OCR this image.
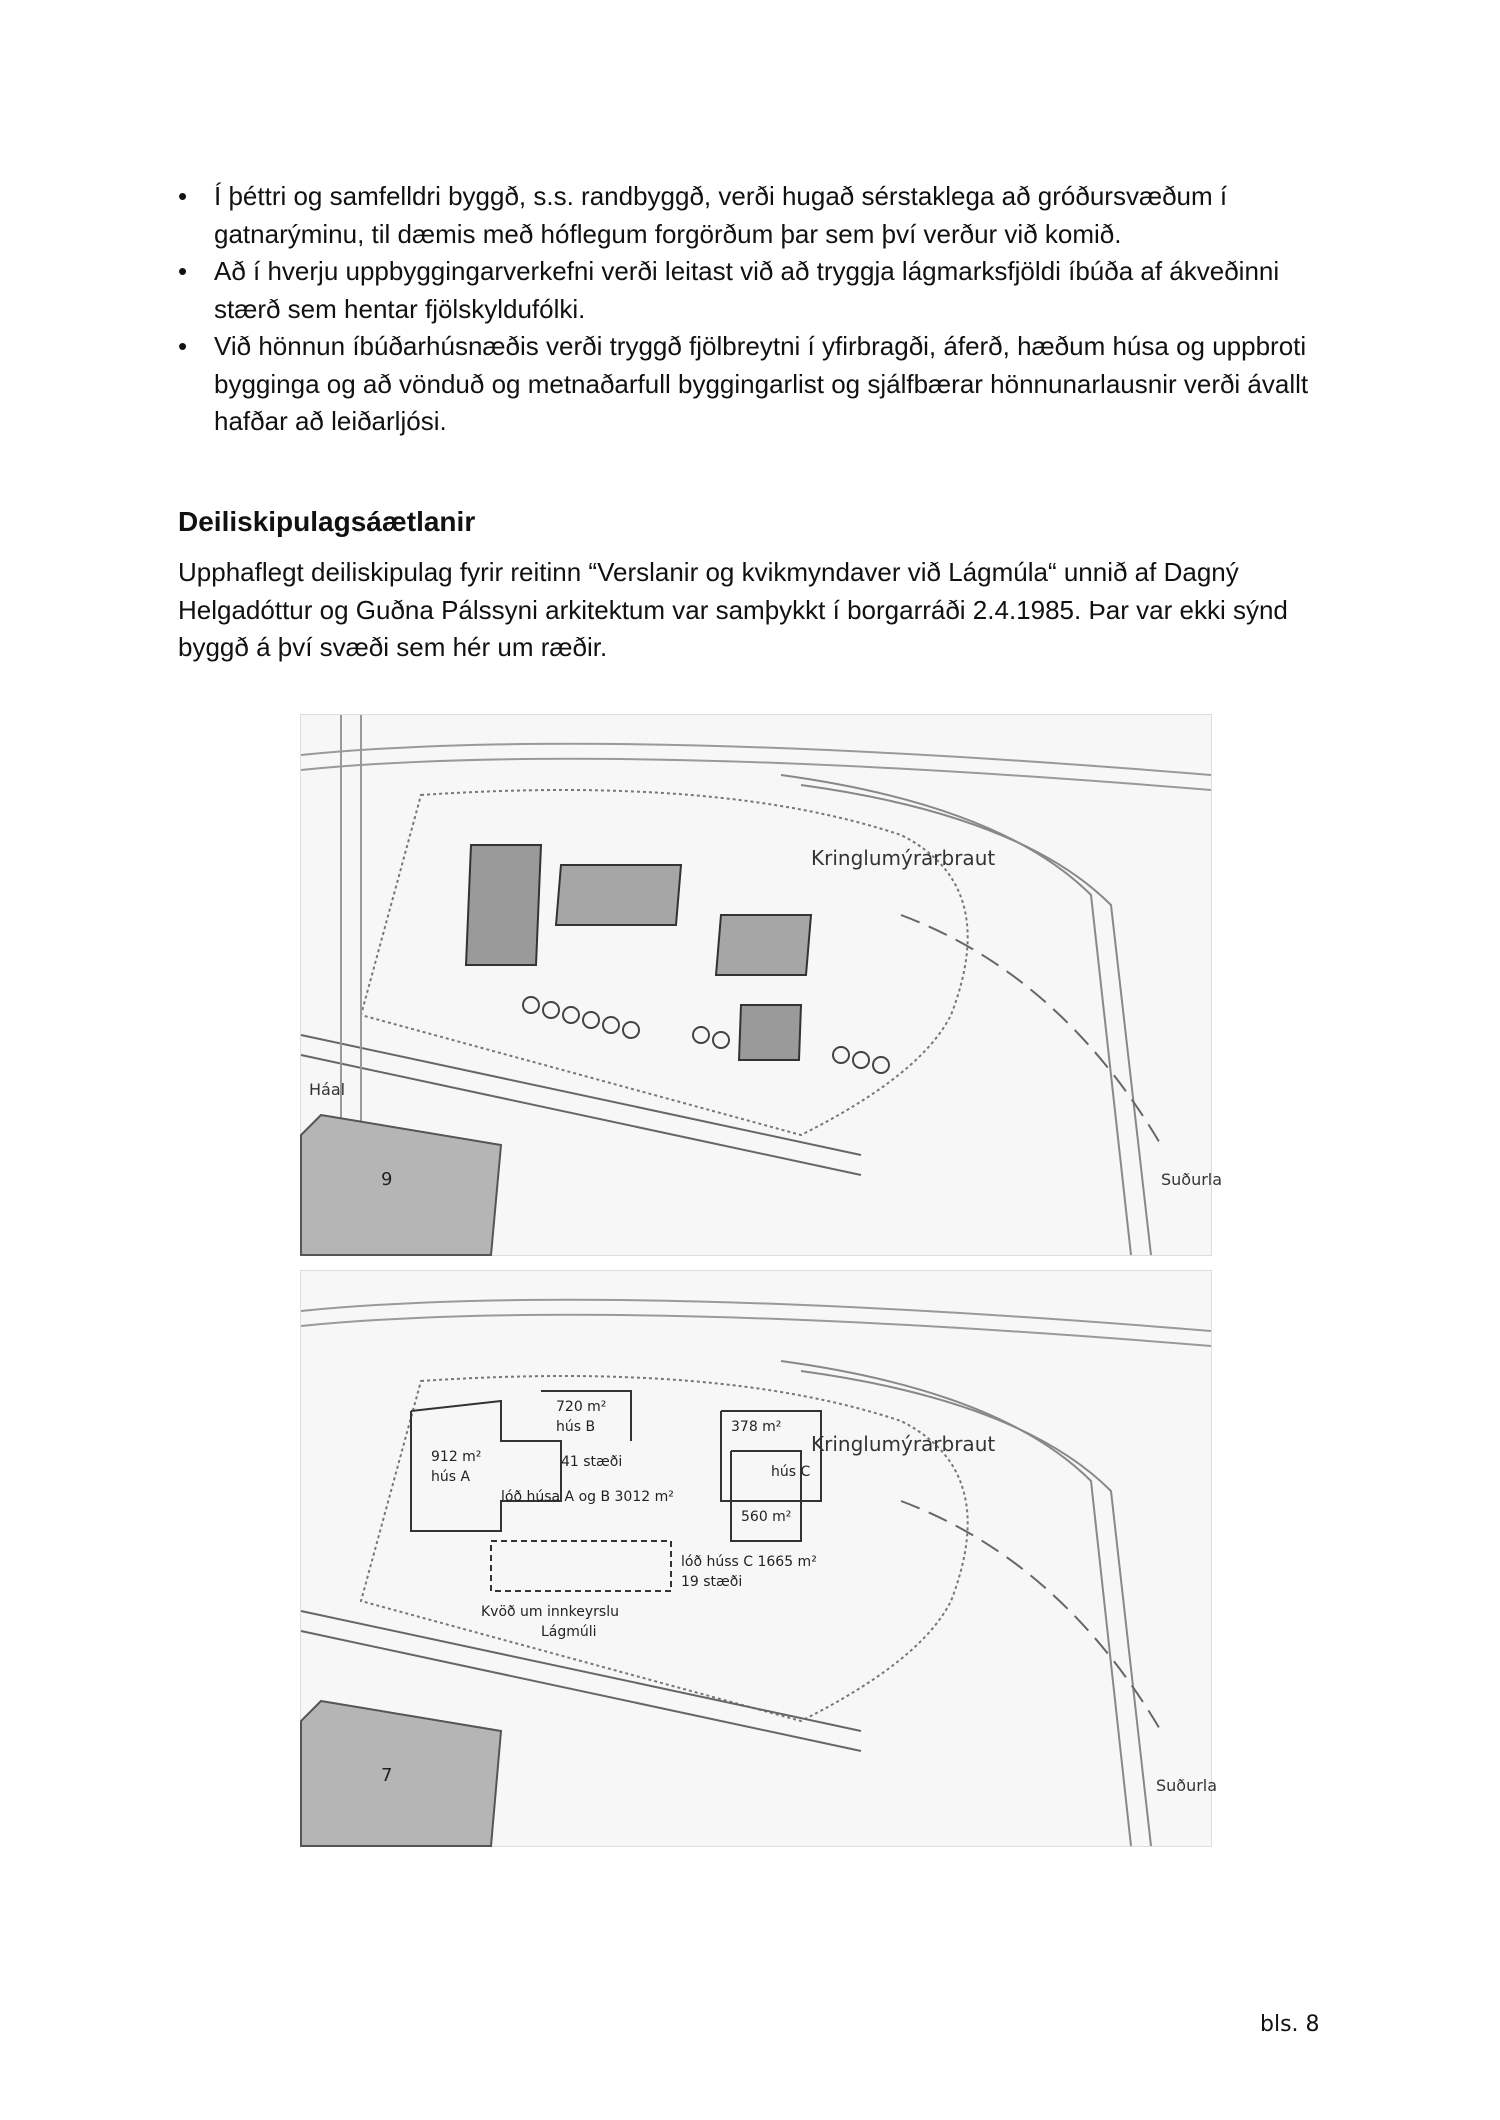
• Í þéttri og samfelldri byggð, s.s. randbyggð, verði hugað sérstaklega að gróðursvæðum í gatnarýminu, til dæmis með hóflegum forgörðum þar sem því verður við komið.
• Að í hverju uppbyggingarverkefni verði leitast við að tryggja lágmarksfjöldi íbúða af ákveðinni stærð sem hentar fjölskyldufólki.
• Við hönnun íbúðarhúsnæðis verði tryggð fjölbreytni í yfirbragði, áferð, hæðum húsa og uppbroti bygginga og að vönduð og metnaðarfull byggingarlist og sjálfbærar hönnunarlausnir verði ávallt hafðar að leiðarljósi.
Deiliskipulagsáætlanir

Upphaflegt deiliskipulag fyrir reitinn “Verslanir og kvikmyndaver við Lágmúla“ unnið af Dagný Helgadóttur og Guðna Pálssyni arkitektum var samþykkt í borgarráði 2.4.1985. Þar var ekki sýnd byggð á því svæði sem hér um ræðir.

Kringlumýrarbraut
Háal
Suðurla
9
912 m²
hús A
720 m²
hús B	378 m²
hús C
560 m²
41 stæði
lóð húsa A og B 3012 m²
lóð húss C 1665 m²
19 stæði
Kvöð um innkeyrslu
Lágmúli
Kringlumýrarbraut
Suðurla
7
bls. 8
